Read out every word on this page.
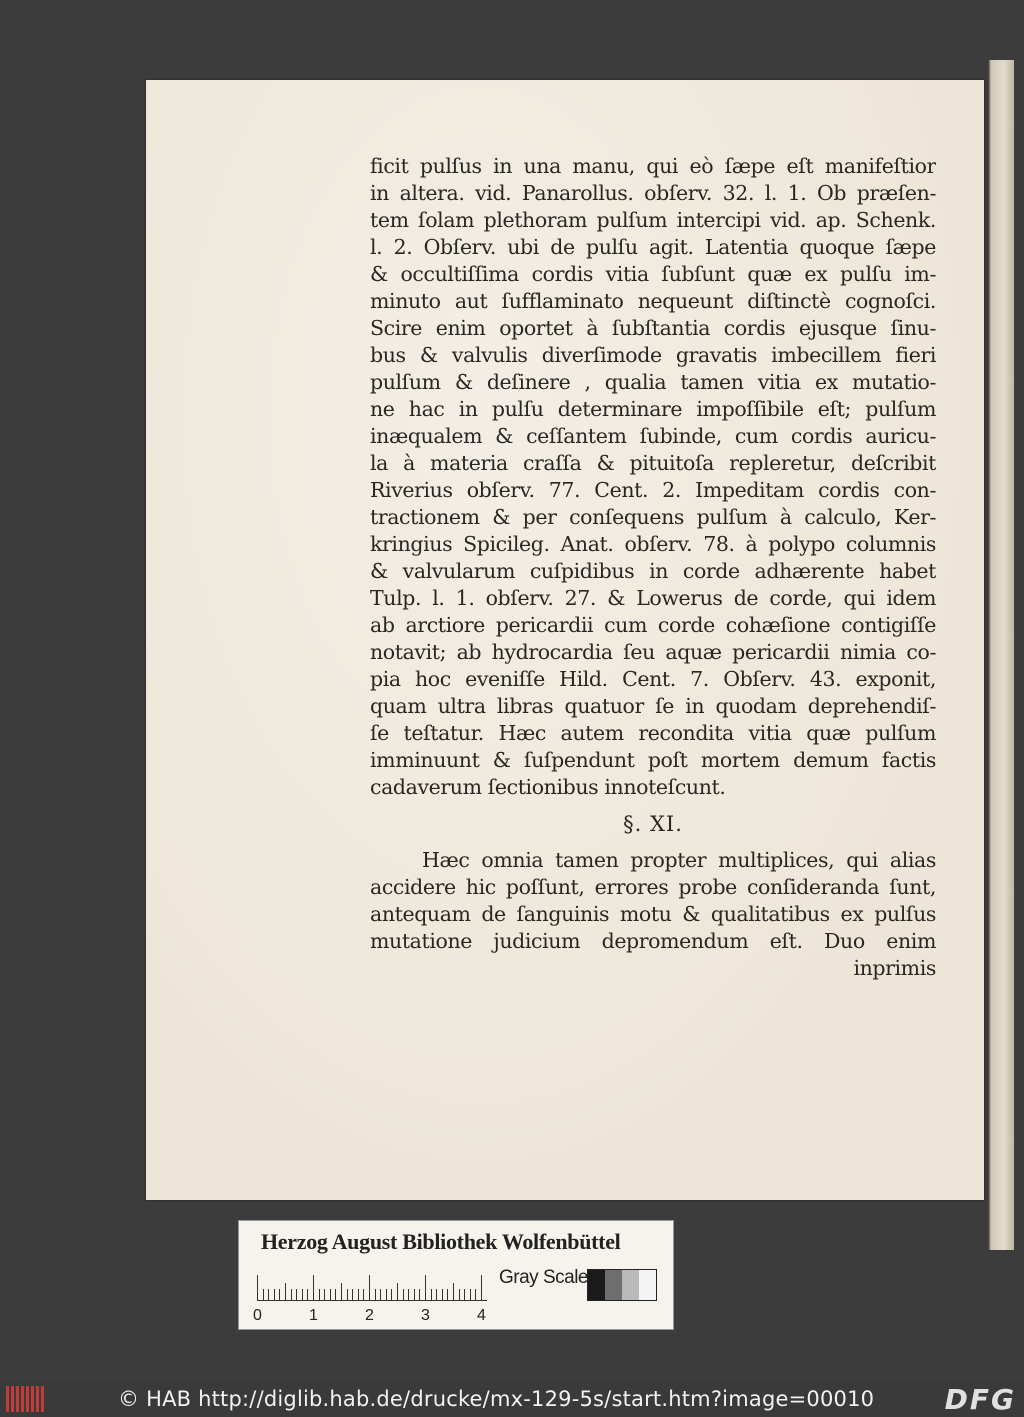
ficit pulſus in una manu, qui eò ſæpe eſt manifeſtior
in altera. vid. Panarollus. obſerv. 32. l. 1. Ob præſen-
tem ſolam plethoram pulſum intercipi vid. ap. Schenk.
l. 2. Obſerv. ubi de pulſu agit. Latentia quoque ſæpe
& occultiſſima cordis vitia ſubſunt quæ ex pulſu im-
minuto aut ſufflaminato nequeunt diſtinctè cognoſci.
Scire enim oportet à ſubſtantia cordis ejusque ſinu-
bus & valvulis diverſimode gravatis imbecillem fieri
pulſum & deſinere , qualia tamen vitia ex mutatio-
ne hac in pulſu determinare impoſſibile eſt; pulſum
inæqualem & ceſſantem ſubinde, cum cordis auricu-
la à materia craſſa & pituitoſa repleretur, deſcribit
Riverius obſerv. 77. Cent. 2. Impeditam cordis con-
tractionem & per conſequens pulſum à calculo, Ker-
kringius Spicileg. Anat. obſerv. 78. à polypo columnis
& valvularum cuſpidibus in corde adhærente habet
Tulp. l. 1. obſerv. 27. & Lowerus de corde, qui idem
ab arctiore pericardii cum corde cohæſione contigiſſe
notavit; ab hydrocardia ſeu aquæ pericardii nimia co-
pia hoc eveniſſe Hild. Cent. 7. Obſerv. 43. exponit,
quam ultra libras quatuor ſe in quodam deprehendiſ-
ſe teſtatur. Hæc autem recondita vitia quæ pulſum
imminuunt & ſuſpendunt poſt mortem demum factis
cadaverum ſectionibus innoteſcunt.
§. XI.
Hæc omnia tamen propter multiplices, qui alias
accidere hic poſſunt, errores probe conſideranda ſunt,
antequam de ſanguinis motu & qualitatibus ex pulſus
mutatione judicium depromendum eſt. Duo enim
inprimis
Herzog August Bibliothek Wolfenbüttel
0	1	2	3	4
Gray Scale
© HAB http://diglib.hab.de/drucke/mx-129-5s/start.htm?image=00010	DFG
